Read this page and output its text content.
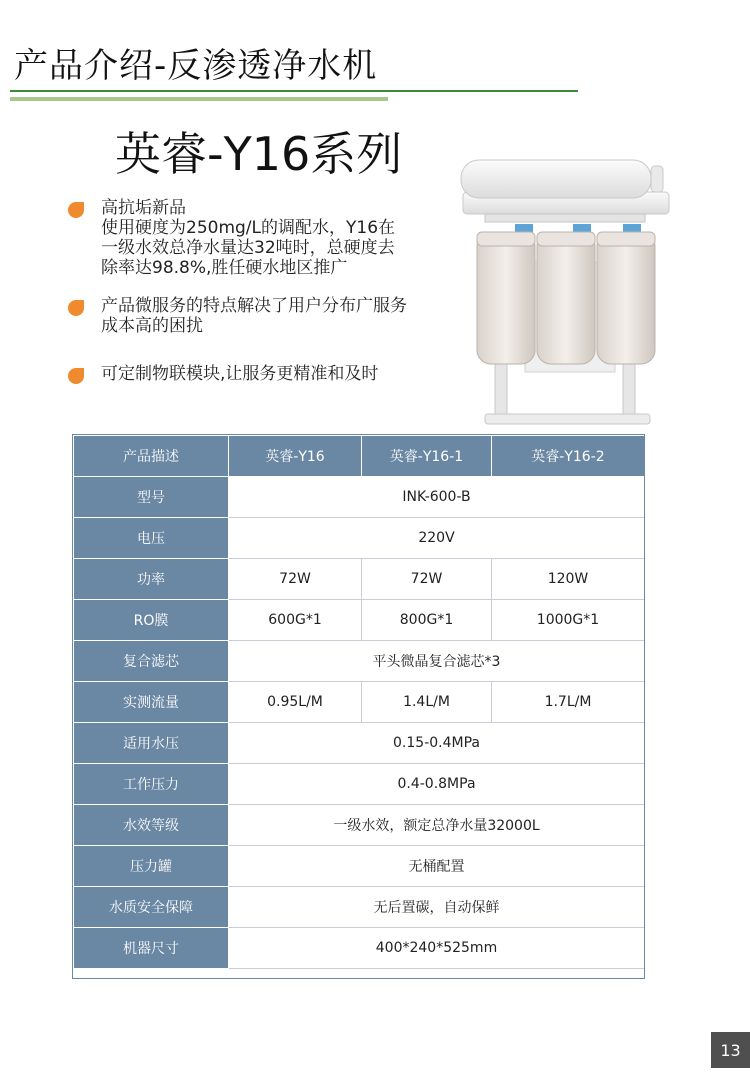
产品介绍-反渗透净水机
英睿-Y16系列
高抗垢新品
使用硬度为250mg/L的调配水，Y16在
一级水效总净水量达32吨时，总硬度去
除率达98.8%,胜任硬水地区推广
产品微服务的特点解决了用户分布广服务
成本高的困扰
可定制物联模块,让服务更精准和及时
产品描述	英睿-Y16	英睿-Y16-1	英睿-Y16-2
型号	INK-600-B		
电压	220V		
功率	72W	72W	120W
RO膜	600G*1	800G*1	1000G*1
复合滤芯	平头微晶复合滤芯*3		
实测流量	0.95L/M	1.4L/M	1.7L/M
适用水压	0.15-0.4MPa		
工作压力	0.4-0.8MPa		
水效等级	一级水效，额定总净水量32000L		
压力罐	无桶配置		
水质安全保障	无后置碳，自动保鲜		
机器尺寸	400*240*525mm		
13
